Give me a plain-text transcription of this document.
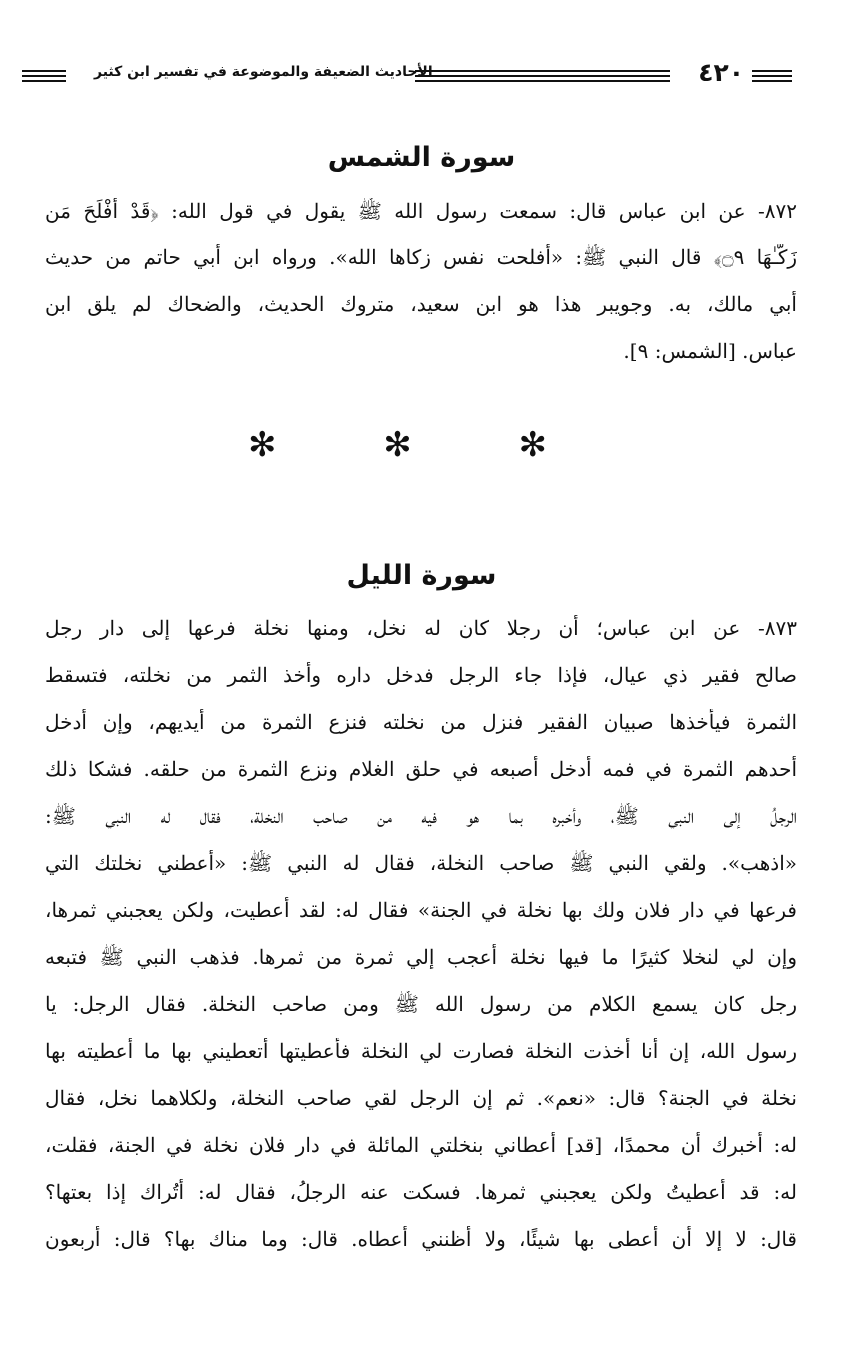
٤٢٠
الأحاديث الضعيفة والموضوعة في تفسير ابن كثير
سورة الشمس
٨٧٢- عن ابن عباس قال: سمعت رسول الله ﷺ يقول في قول الله: ﴿قَدْ أَفْلَحَ مَن
زَكَّـٰهَا ۝٩﴾ قال النبي ﷺ: «أفلحت نفس زكاها الله». ورواه ابن أبي حاتم من حديث
أبي مالك، به. وجويبر هذا هو ابن سعيد، متروك الحديث، والضحاك لم يلق ابن
عباس. [الشمس: ٩].
✻ ✻ ✻
سورة الليل
٨٧٣- عن ابن عباس؛ أن رجلا كان له نخل، ومنها نخلة فرعها إلى دار رجل
صالح فقير ذي عيال، فإذا جاء الرجل فدخل داره وأخذ الثمر من نخلته، فتسقط
الثمرة فيأخذها صبيان الفقير فنزل من نخلته فنزع الثمرة من أيديهم، وإن أدخل
أحدهم الثمرة في فمه أدخل أصبعه في حلق الغلام ونزع الثمرة من حلقه. فشكا ذلك
الرجلُ إلى النبي ﷺ، وأخبره بما هو فيه من صاحب النخلة، فقال له النبي ﷺ:
«اذهب». ولقي النبي ﷺ صاحب النخلة، فقال له النبي ﷺ: «أعطني نخلتك التي
فرعها في دار فلان ولك بها نخلة في الجنة» فقال له: لقد أعطيت، ولكن يعجبني ثمرها،
وإن لي لنخلا كثيرًا ما فيها نخلة أعجب إلي ثمرة من ثمرها. فذهب النبي ﷺ فتبعه
رجل كان يسمع الكلام من رسول الله ﷺ ومن صاحب النخلة. فقال الرجل: يا
رسول الله، إن أنا أخذت النخلة فصارت لي النخلة فأعطيتها أتعطيني بها ما أعطيته بها
نخلة في الجنة؟ قال: «نعم». ثم إن الرجل لقي صاحب النخلة، ولكلاهما نخل، فقال
له: أخبرك أن محمدًا، [قد] أعطاني بنخلتي المائلة في دار فلان نخلة في الجنة، فقلت،
له: قد أعطيتُ ولكن يعجبني ثمرها. فسكت عنه الرجلُ، فقال له: أتُراك إذا بعتها؟
قال: لا إلا أن أعطى بها شيئًا، ولا أظنني أعطاه. قال: وما مناك بها؟ قال: أربعون
